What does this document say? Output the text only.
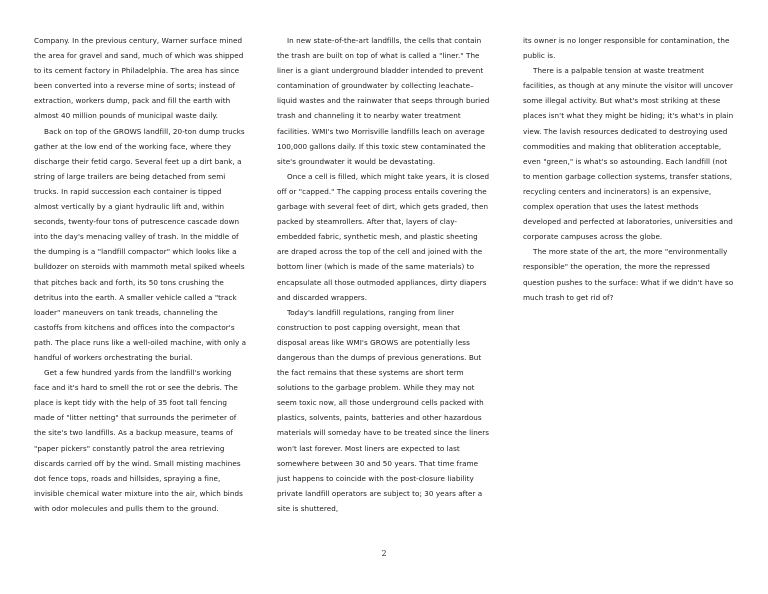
Company. In the previous century, Warner surface mined the area for gravel and sand, much of which was shipped to its cement factory in Philadelphia. The area has since been converted into a reverse mine of sorts; instead of extraction, workers dump, pack and fill the earth with almost 40 million pounds of municipal waste daily.

Back on top of the GROWS landfill, 20-ton dump trucks gather at the low end of the working face, where they discharge their fetid cargo. Several feet up a dirt bank, a string of large trailers are being detached from semi trucks. In rapid succession each container is tipped almost vertically by a giant hydraulic lift and, within seconds, twenty-four tons of putrescence cascade down into the day's menacing valley of trash. In the middle of the dumping is a "landfill compactor" which looks like a bulldozer on steroids with mammoth metal spiked wheels that pitches back and forth, its 50 tons crushing the detritus into the earth. A smaller vehicle called a "track loader" maneuvers on tank treads, channeling the castoffs from kitchens and offices into the compactor's path. The place runs like a well-oiled machine, with only a handful of workers orchestrating the burial.

Get a few hundred yards from the landfill's working face and it's hard to smell the rot or see the debris. The place is kept tidy with the help of 35 foot tall fencing made of "litter netting" that surrounds the perimeter of the site's two landfills. As a backup measure, teams of "paper pickers" constantly patrol the area retrieving discards carried off by the wind. Small misting machines dot fence tops, roads and hillsides, spraying a fine, invisible chemical water mixture into the air, which binds with odor molecules and pulls them to the ground.

In new state-of-the-art landfills, the cells that contain the trash are built on top of what is called a "liner." The liner is a giant underground bladder intended to prevent contamination of groundwater by collecting leachate–liquid wastes and the rainwater that seeps through buried trash and channeling it to nearby water treatment facilities. WMI's two Morrisville landfills leach on average 100,000 gallons daily. If this toxic stew contaminated the site's groundwater it would be devastating.

Once a cell is filled, which might take years, it is closed off or "capped." The capping process entails covering the garbage with several feet of dirt, which gets graded, then packed by steamrollers. After that, layers of clay-embedded fabric, synthetic mesh, and plastic sheeting are draped across the top of the cell and joined with the bottom liner (which is made of the same materials) to encapsulate all those outmoded appliances, dirty diapers and discarded wrappers.

Today's landfill regulations, ranging from liner construction to post capping oversight, mean that disposal areas like WMI's GROWS are potentially less dangerous than the dumps of previous generations. But the fact remains that these systems are short term solutions to the garbage problem. While they may not seem toxic now, all those underground cells packed with plastics, solvents, paints, batteries and other hazardous materials will someday have to be treated since the liners won't last forever. Most liners are expected to last somewhere between 30 and 50 years. That time frame just happens to coincide with the post-closure liability private landfill operators are subject to; 30 years after a site is shuttered,

its owner is no longer responsible for contamination, the public is.

There is a palpable tension at waste treatment facilities, as though at any minute the visitor will uncover some illegal activity. But what's most striking at these places isn't what they might be hiding; it's what's in plain view. The lavish resources dedicated to destroying used commodities and making that obliteration acceptable, even "green," is what's so astounding. Each landfill (not to mention garbage collection systems, transfer stations, recycling centers and incinerators) is an expensive, complex operation that uses the latest methods developed and perfected at laboratories, universities and corporate campuses across the globe.

The more state of the art, the more "environmentally responsible" the operation, the more the repressed question pushes to the surface: What if we didn't have so much trash to get rid of?

2
